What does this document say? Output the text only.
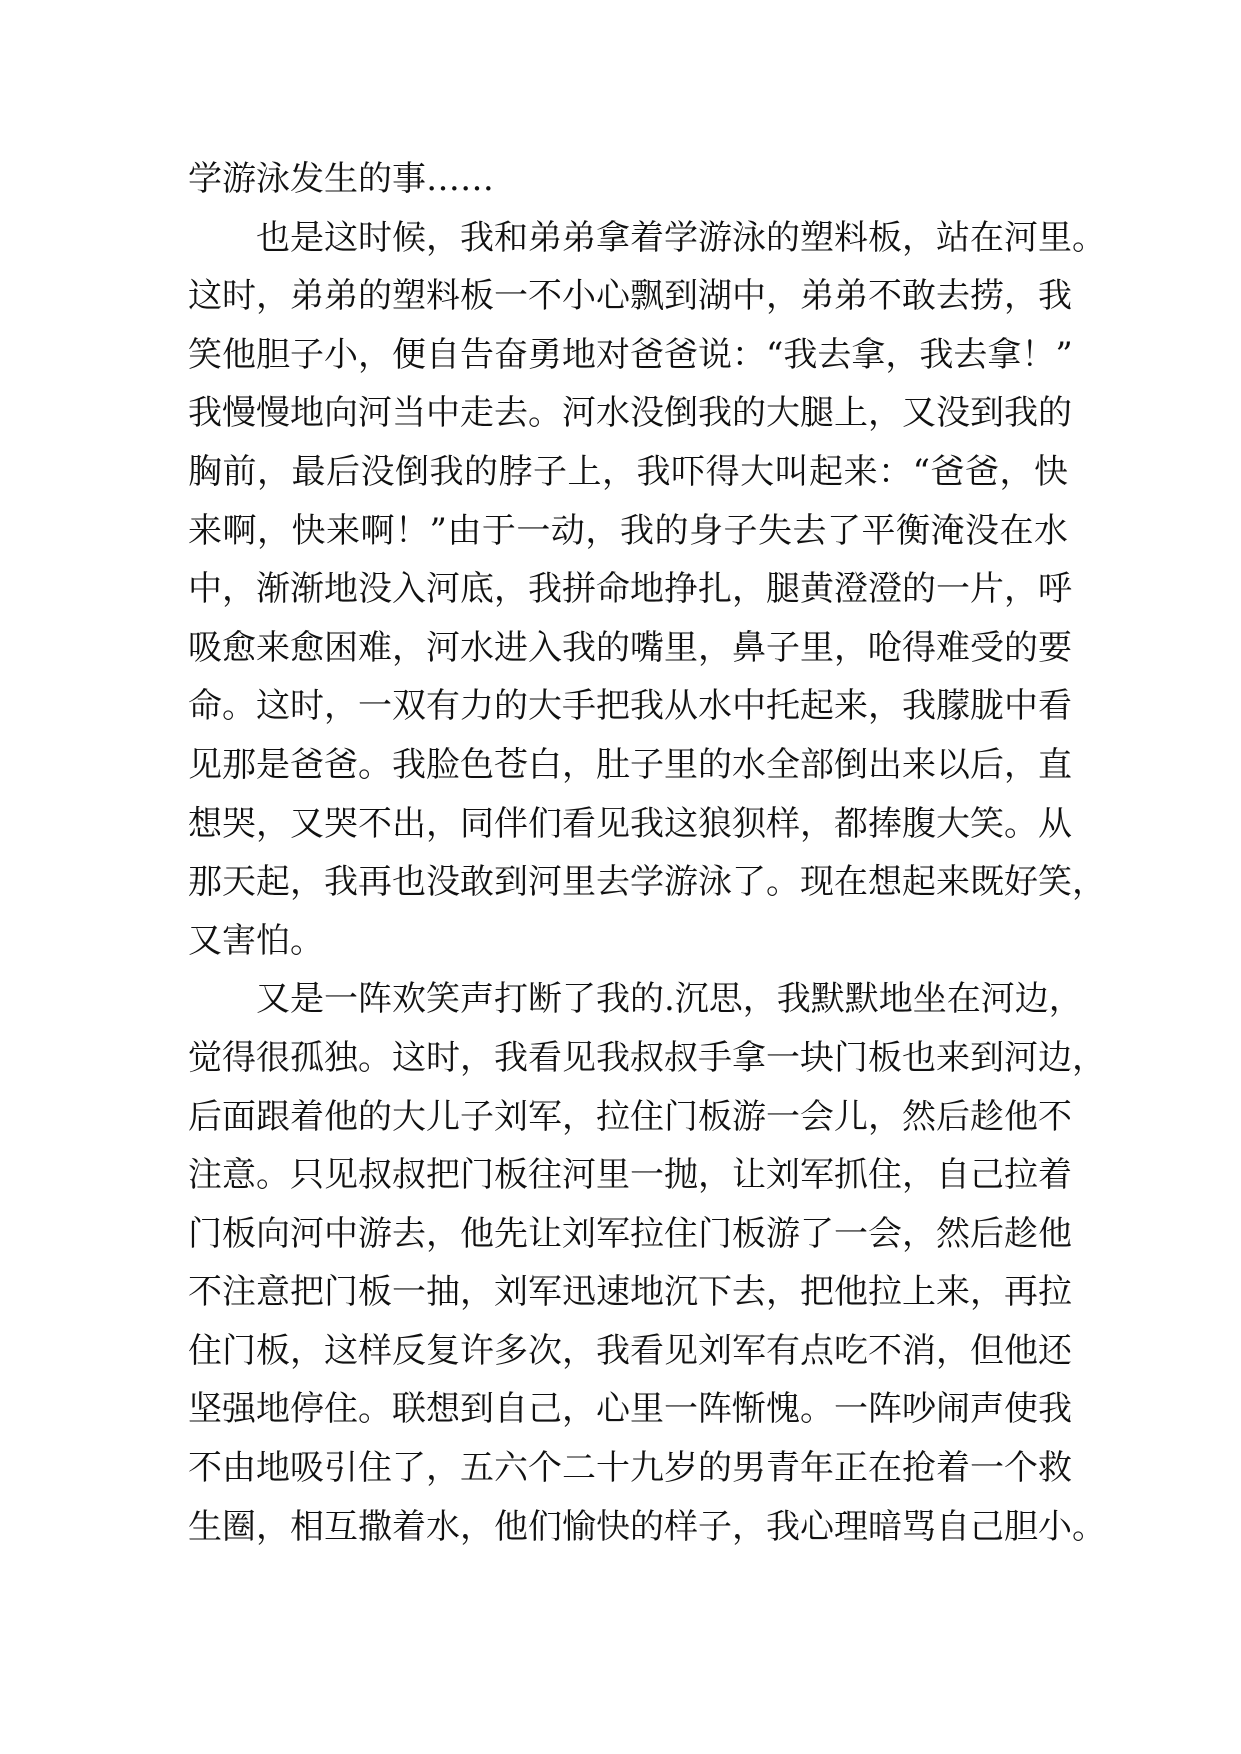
学游泳发生的事……
也是这时候，我和弟弟拿着学游泳的塑料板，站在河里。
这时，弟弟的塑料板一不小心飘到湖中，弟弟不敢去捞，我
笑他胆子小，便自告奋勇地对爸爸说：“我去拿，我去拿！”
我慢慢地向河当中走去。河水没倒我的大腿上，又没到我的
胸前，最后没倒我的脖子上，我吓得大叫起来：“爸爸，快
来啊，快来啊！”由于一动，我的身子失去了平衡淹没在水
中，渐渐地没入河底，我拼命地挣扎，腿黄澄澄的一片，呼
吸愈来愈困难，河水进入我的嘴里，鼻子里，呛得难受的要
命。这时，一双有力的大手把我从水中托起来，我朦胧中看
见那是爸爸。我脸色苍白，肚子里的水全部倒出来以后，直
想哭，又哭不出，同伴们看见我这狼狈样，都捧腹大笑。从
那天起，我再也没敢到河里去学游泳了。现在想起来既好笑，
又害怕。
又是一阵欢笑声打断了我的.沉思，我默默地坐在河边，
觉得很孤独。这时，我看见我叔叔手拿一块门板也来到河边，
后面跟着他的大儿子刘军，拉住门板游一会儿，然后趁他不
注意。只见叔叔把门板往河里一抛，让刘军抓住，自己拉着
门板向河中游去，他先让刘军拉住门板游了一会，然后趁他
不注意把门板一抽，刘军迅速地沉下去，把他拉上来，再拉
住门板，这样反复许多次，我看见刘军有点吃不消，但他还
坚强地停住。联想到自己，心里一阵惭愧。一阵吵闹声使我
不由地吸引住了，五六个二十九岁的男青年正在抢着一个救
生圈，相互撒着水，他们愉快的样子，我心理暗骂自己胆小。
